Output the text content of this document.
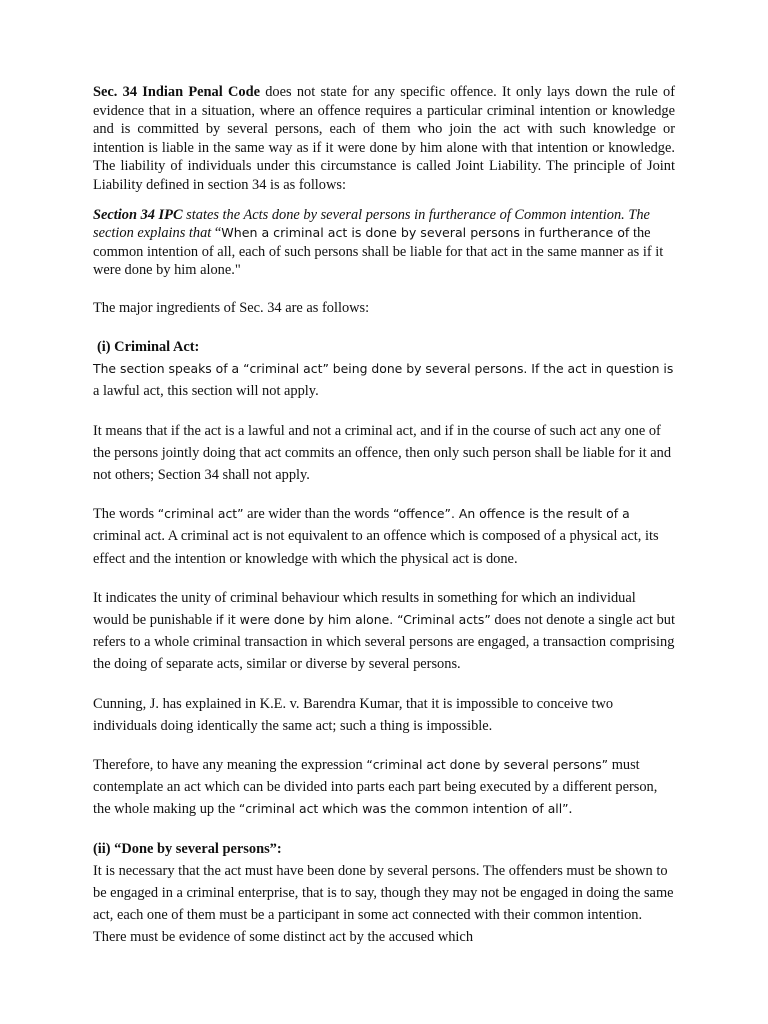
Sec. 34 Indian Penal Code does not state for any specific offence. It only lays down the rule of evidence that in a situation, where an offence requires a particular criminal intention or knowledge and is committed by several persons, each of them who join the act with such knowledge or intention is liable in the same way as if it were done by him alone with that intention or knowledge. The liability of individuals under this circumstance is called Joint Liability. The principle of Joint Liability defined in section 34 is as follows:

Section 34 IPC states the Acts done by several persons in furtherance of Common intention. The section explains that “When a criminal act is done by several persons in furtherance of the common intention of all, each of such persons shall be liable for that act in the same manner as if it were done by him alone."

The major ingredients of Sec. 34 are as follows:

(i) Criminal Act:

The section speaks of a “criminal act” being done by several persons. If the act in question is a lawful act, this section will not apply.

It means that if the act is a lawful and not a criminal act, and if in the course of such act any one of the persons jointly doing that act commits an offence, then only such person shall be liable for it and not others; Section 34 shall not apply.

The words “criminal act” are wider than the words “offence”. An offence is the result of a criminal act. A criminal act is not equivalent to an offence which is composed of a physical act, its effect and the intention or knowledge with which the physical act is done.

It indicates the unity of criminal behaviour which results in something for which an individual would be punishable if it were done by him alone. “Criminal acts” does not denote a single act but refers to a whole criminal transaction in which several persons are engaged, a transaction comprising the doing of separate acts, similar or diverse by several persons.

Cunning, J. has explained in K.E. v. Barendra Kumar, that it is impossible to conceive two individuals doing identically the same act; such a thing is impossible.

Therefore, to have any meaning the expression “criminal act done by several persons” must contemplate an act which can be divided into parts each part being executed by a different person, the whole making up the “criminal act which was the common intention of all”.

(ii) “Done by several persons”:

It is necessary that the act must have been done by several persons. The offenders must be shown to be engaged in a criminal enterprise, that is to say, though they may not be engaged in doing the same act, each one of them must be a participant in some act connected with their common intention. There must be evidence of some distinct act by the accused which
